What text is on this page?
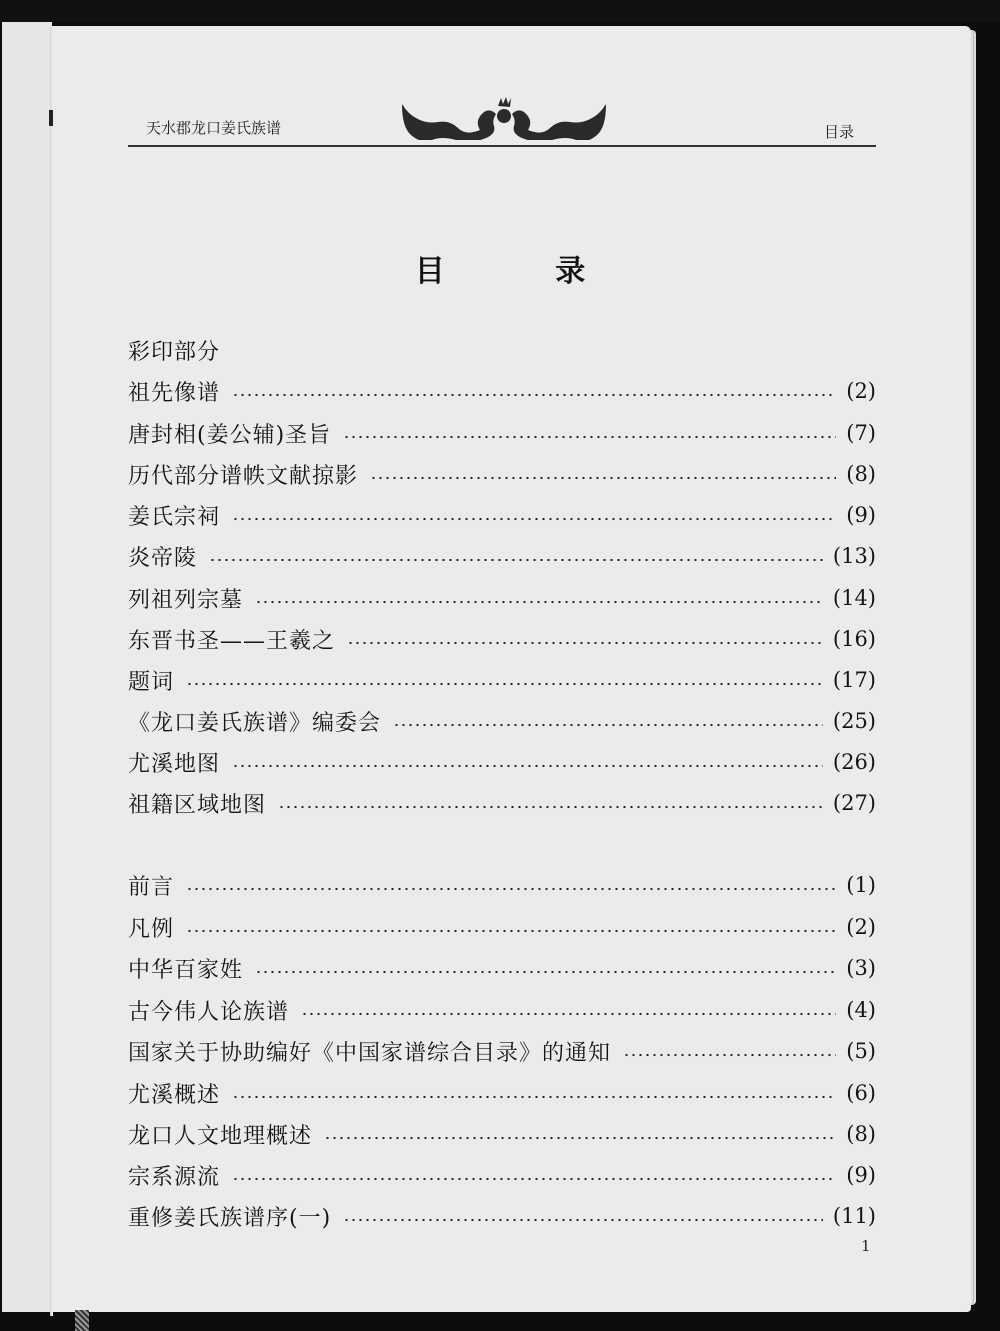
天水郡龙口姜氏族谱	目录
目 录
彩印部分
祖先像谱	(2)
唐封相(姜公辅)圣旨	(7)
历代部分谱帙文献掠影	(8)
姜氏宗祠	(9)
炎帝陵	(13)
列祖列宗墓	(14)
东晋书圣——王羲之	(16)
题词	(17)
《龙口姜氏族谱》编委会	(25)
尤溪地图	(26)
祖籍区域地图	(27)
前言	(1)
凡例	(2)
中华百家姓	(3)
古今伟人论族谱	(4)
国家关于协助编好《中国家谱综合目录》的通知	(5)
尤溪概述	(6)
龙口人文地理概述	(8)
宗系源流	(9)
重修姜氏族谱序(一)	(11)
1
